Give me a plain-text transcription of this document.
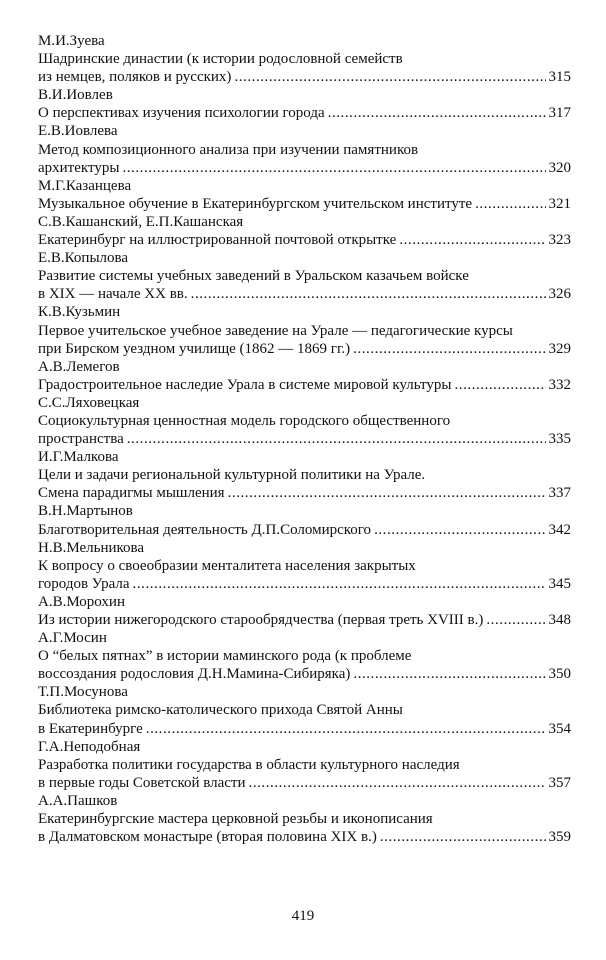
М.И.Зуева
Шадринские династии (к истории родословной семейств
из немцев, поляков и русских) . . .	315
В.И.Иовлев
О перспективах изучения психологии города . . .	317
Е.В.Иовлева
Метод композиционного анализа при изучении памятников
архитектуры . . .	320
М.Г.Казанцева
Музыкальное обучение в Екатеринбургском учительском институте . . .	321
С.В.Кашанский, Е.П.Кашанская
Екатеринбург на иллюстрированной почтовой открытке . . .	323
Е.В.Копылова
Развитие системы учебных заведений в Уральском казачьем войске
в XIX — начале XX вв. . . .	326
К.В.Кузьмин
Первое учительское учебное заведение на Урале — педагогические курсы
при Бирском уездном училище (1862 — 1869 гг.) . . .	329
А.В.Лемегов
Градостроительное наследие Урала в системе мировой культуры . . .	332
С.С.Ляховецкая
Социокультурная ценностная модель городского общественного
пространства . . .	335
И.Г.Малкова
Цели и задачи региональной культурной политики на Урале.
Смена парадигмы мышления . . .	337
В.Н.Мартынов
Благотворительная деятельность Д.П.Соломирского . . .	342
Н.В.Мельникова
К вопросу о своеобразии менталитета населения закрытых
городов Урала . . .	345
А.В.Морохин
Из истории нижегородского старообрядчества (первая треть XVIII в.) . . .	348
А.Г.Мосин
О “белых пятнах” в истории маминского рода (к проблеме
воссоздания родословия Д.Н.Мамина-Сибиряка) . . .	350
Т.П.Мосунова
Библиотека римско-католического прихода Святой Анны
в Екатеринбурге . . .	354
Г.А.Неподобная
Разработка политики государства в области культурного наследия
в первые годы Советской власти . . .	357
А.А.Пашков
Екатеринбургские мастера церковной резьбы и иконописания
в Далматовском монастыре (вторая половина XIX в.) . . .	359
419
